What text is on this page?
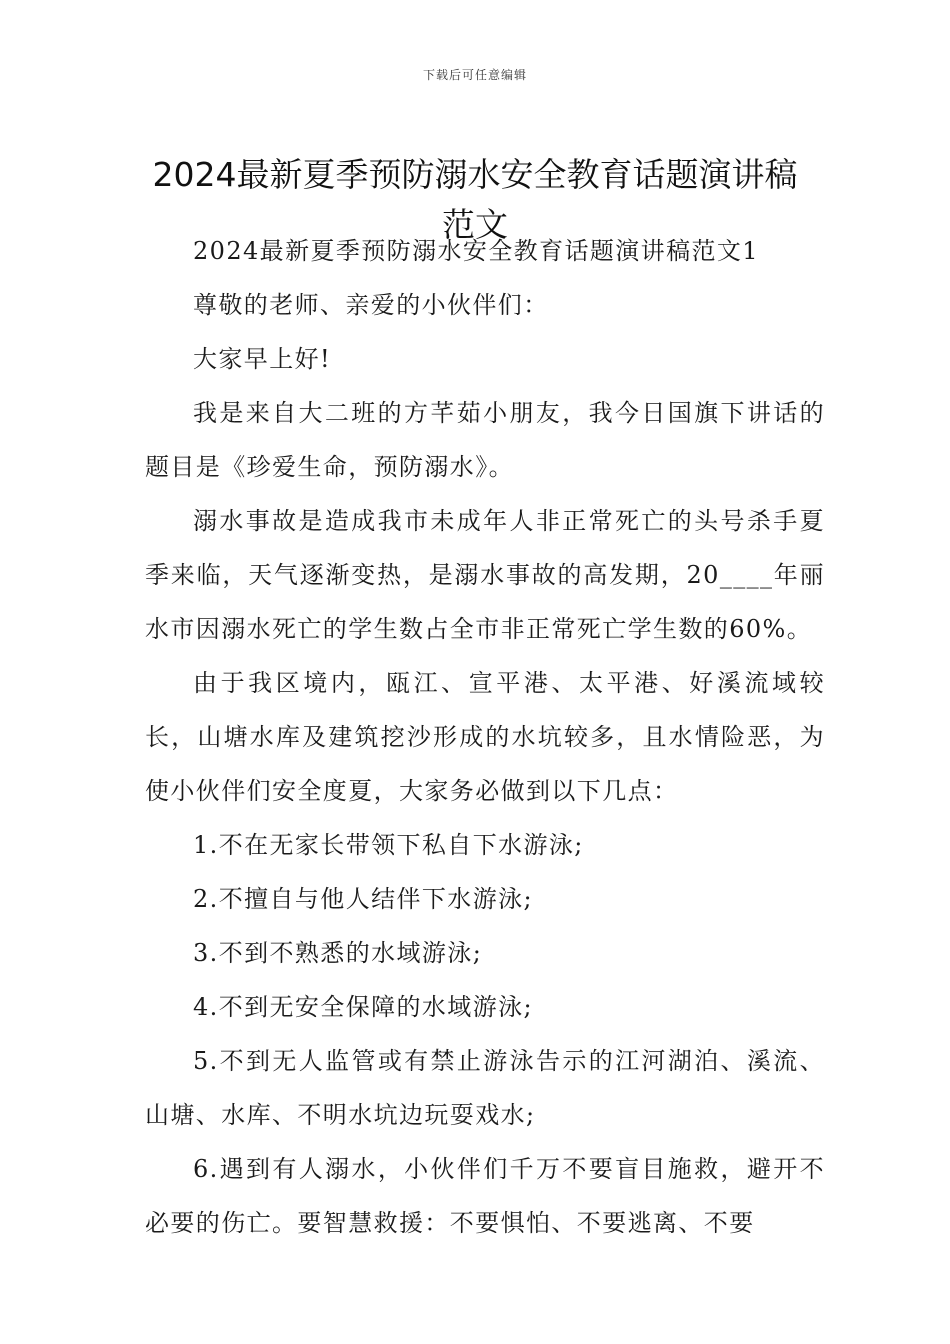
下载后可任意编辑
2024最新夏季预防溺水安全教育话题演讲稿范文

2024最新夏季预防溺水安全教育话题演讲稿范文1

尊敬的老师、亲爱的小伙伴们：

大家早上好!

我是来自大二班的方芊茹小朋友，我今日国旗下讲话的题目是《珍爱生命，预防溺水》。

溺水事故是造成我市未成年人非正常死亡的头号杀手夏季来临，天气逐渐变热，是溺水事故的高发期，20____年丽水市因溺水死亡的学生数占全市非正常死亡学生数的60%。

由于我区境内，瓯江、宣平港、太平港、好溪流域较长，山塘水库及建筑挖沙形成的水坑较多，且水情险恶，为使小伙伴们安全度夏，大家务必做到以下几点：

1.不在无家长带领下私自下水游泳;

2.不擅自与他人结伴下水游泳;

3.不到不熟悉的水域游泳;

4.不到无安全保障的水域游泳;

5.不到无人监管或有禁止游泳告示的江河湖泊、溪流、山塘、水库、不明水坑边玩耍戏水;

6.遇到有人溺水，小伙伴们千万不要盲目施救，避开不必要的伤亡。要智慧救援：不要惧怕、不要逃离、不要
